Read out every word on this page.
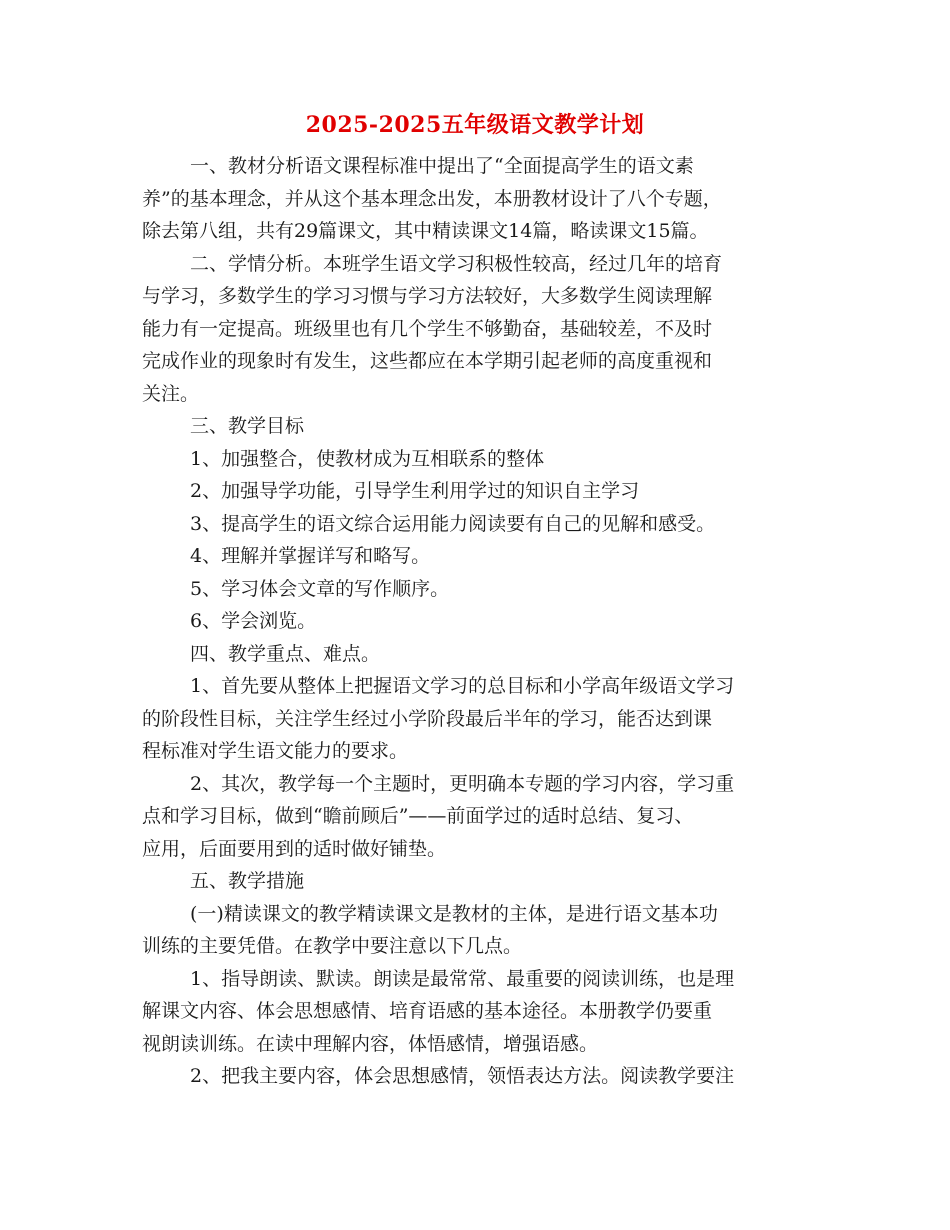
2025-2025五年级语文教学计划
一、教材分析语文课程标准中提出了“全面提高学生的语文素
养”的基本理念，并从这个基本理念出发，本册教材设计了八个专题，
除去第八组，共有29篇课文，其中精读课文14篇，略读课文15篇。
二、学情分析。本班学生语文学习积极性较高，经过几年的培育
与学习，多数学生的学习习惯与学习方法较好，大多数学生阅读理解
能力有一定提高。班级里也有几个学生不够勤奋，基础较差，不及时
完成作业的现象时有发生，这些都应在本学期引起老师的高度重视和
关注。
三、教学目标
1、加强整合，使教材成为互相联系的整体
2、加强导学功能，引导学生利用学过的知识自主学习
3、提高学生的语文综合运用能力阅读要有自己的见解和感受。
4、理解并掌握详写和略写。
5、学习体会文章的写作顺序。
6、学会浏览。
四、教学重点、难点。
1、首先要从整体上把握语文学习的总目标和小学高年级语文学习
的阶段性目标，关注学生经过小学阶段最后半年的学习，能否达到课
程标准对学生语文能力的要求。
2、其次，教学每一个主题时，更明确本专题的学习内容，学习重
点和学习目标，做到“瞻前顾后”——前面学过的适时总结、复习、
应用，后面要用到的适时做好铺垫。
五、教学措施
(一)精读课文的教学精读课文是教材的主体，是进行语文基本功
训练的主要凭借。在教学中要注意以下几点。
1、指导朗读、默读。朗读是最常常、最重要的阅读训练，也是理
解课文内容、体会思想感情、培育语感的基本途径。本册教学仍要重
视朗读训练。在读中理解内容，体悟感情，增强语感。
2、把我主要内容，体会思想感情，领悟表达方法。阅读教学要注
